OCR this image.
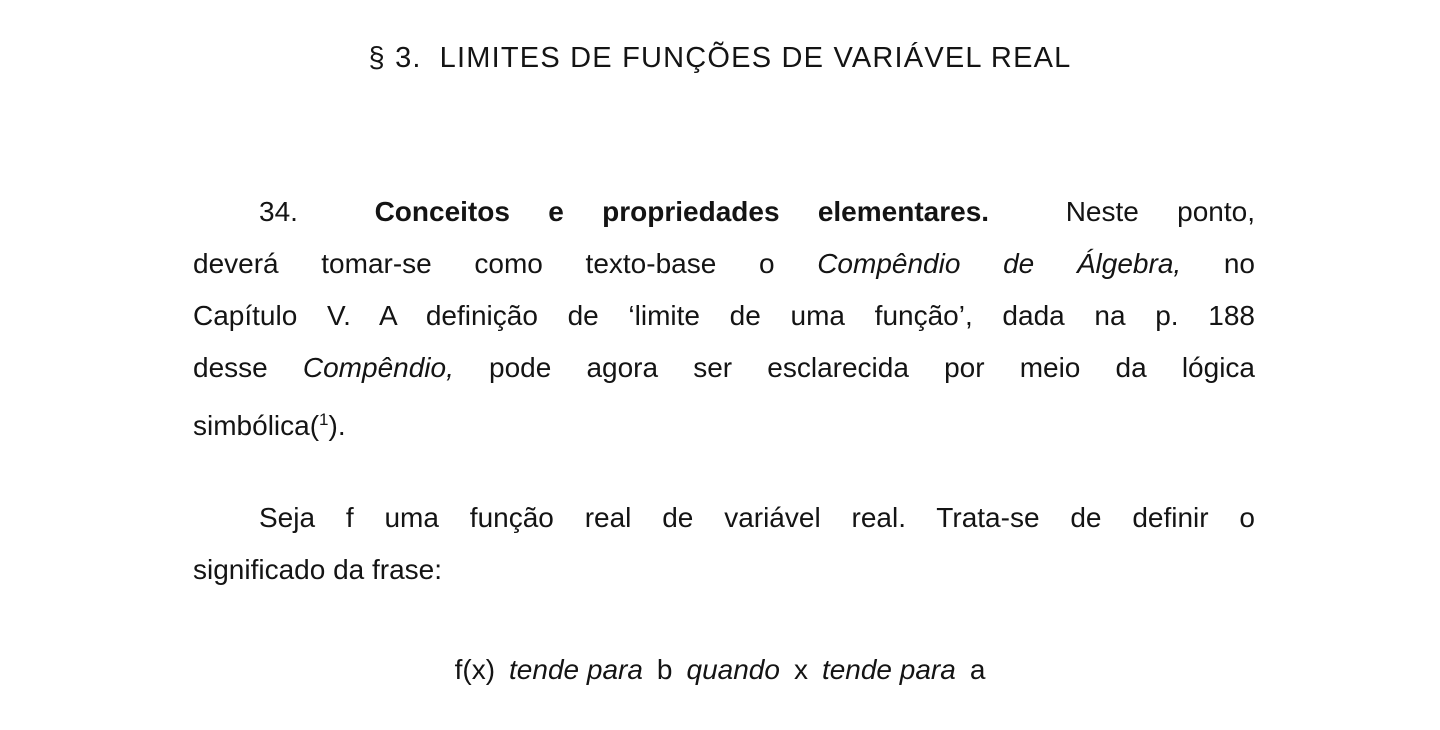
§ 3. LIMITES DE FUNÇÕES DE VARIÁVEL REAL
34.	Conceitos e propriedades elementares.	Neste ponto,
deverá tomar-se como texto-base o Compêndio de Álgebra, no
Capítulo V. A definição de ‘limite de uma função’, dada na p. 188
desse Compêndio, pode agora ser esclarecida por meio da lógica
simbólica($^1$).
Seja f uma função real de variável real. Trata-se de definir o
significado da frase:
f(x) tende para b quando x tende para a
